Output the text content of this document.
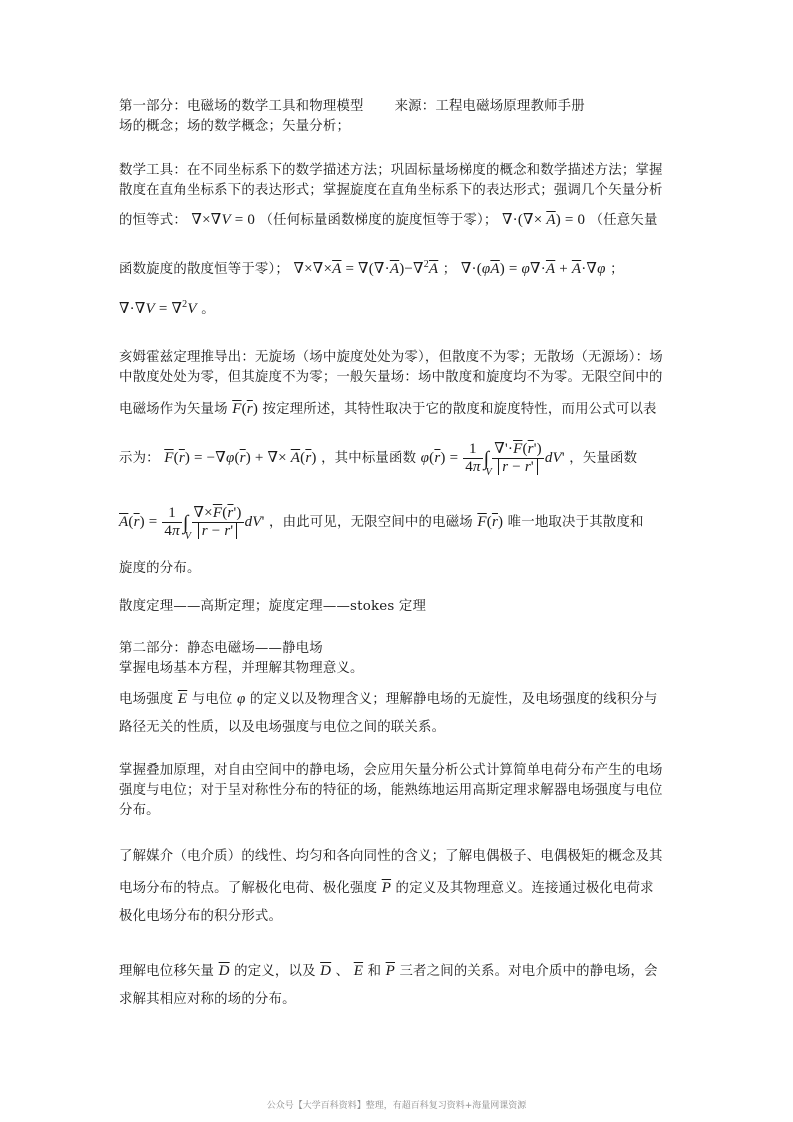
第一部分：电磁场的数学工具和物理模型 来源：工程电磁场原理教师手册
场的概念；场的数学概念；矢量分析；
数学工具：在不同坐标系下的数学描述方法；巩固标量场梯度的概念和数学描述方法；掌握
散度在直角坐标系下的表达形式；掌握旋度在直角坐标系下的表达形式；强调几个矢量分析
的恒等式： ∇×∇V = 0 （任何标量函数梯度的旋度恒等于零）； ∇·(∇× $\overline{A}) = 0$ （任意矢量
函数旋度的散度恒等于零）； $\nabla\times\nabla\times\overline{A} = \nabla(\nabla\cdot\overline{A})-\nabla^2\overline{A}$ ； $\nabla\cdot(\varphi\overline{A}) = \varphi\nabla\cdot\overline{A} + \overline{A}\cdot\nabla\varphi$ ；
∇·∇V = ∇$^2$V 。
亥姆霍兹定理推导出：无旋场（场中旋度处处为零），但散度不为零；无散场（无源场）：场
中散度处处为零，但其旋度不为零；一般矢量场：场中散度和旋度均不为零。无限空间中的
电磁场作为矢量场 $\overline{F}(\overline{r})$ 按定理所述，其特性取决于它的散度和旋度特性，而用公式可以表
示为： $\overline{F}(\overline{r}) = -\nabla\varphi(\overline{r})$ + ∇× $\overline{A}(\overline{r})$ ，其中标量函数 $\varphi(\overline{r}) = \frac{1}{4\pi}$ ∫
V $\frac{\nabla'\cdot\overline{F}(\overline{r}')}{\overline{r} - \overline{r}'} dV'$ ，矢量函数
$\overline{A}(\overline{r}) = \frac{1}{4\pi}$ ∫
V $\frac{\nabla\times\overline{F}(\overline{r}')}{\overline{r} - \overline{r}'} dV'$ ，由此可见，无限空间中的电磁场 $\overline{F}(\overline{r})$ 唯一地取决于其散度和
旋度的分布。
散度定理——高斯定理；旋度定理——stokes 定理
第二部分：静态电磁场——静电场
掌握电场基本方程，并理解其物理意义。
电场强度 $\overline{E}$ 与电位 φ 的定义以及物理含义；理解静电场的无旋性，及电场强度的线积分与
路径无关的性质，以及电场强度与电位之间的联关系。
掌握叠加原理，对自由空间中的静电场，会应用矢量分析公式计算简单电荷分布产生的电场
强度与电位；对于呈对称性分布的特征的场，能熟练地运用高斯定理求解器电场强度与电位
分布。
了解媒介（电介质）的线性、均匀和各向同性的含义；了解电偶极子、电偶极矩的概念及其
电场分布的特点。了解极化电荷、极化强度 $\overline{P}$ 的定义及其物理意义。连接通过极化电荷求
极化电场分布的积分形式。
理解电位移矢量 $\overline{D}$ 的定义，以及 $\overline{D}$ 、 $\overline{E}$ 和 $\overline{P}$ 三者之间的关系。对电介质中的静电场，会
求解其相应对称的场的分布。
公众号【大学百科资料】整理，有超百科复习资料+海量网课资源
